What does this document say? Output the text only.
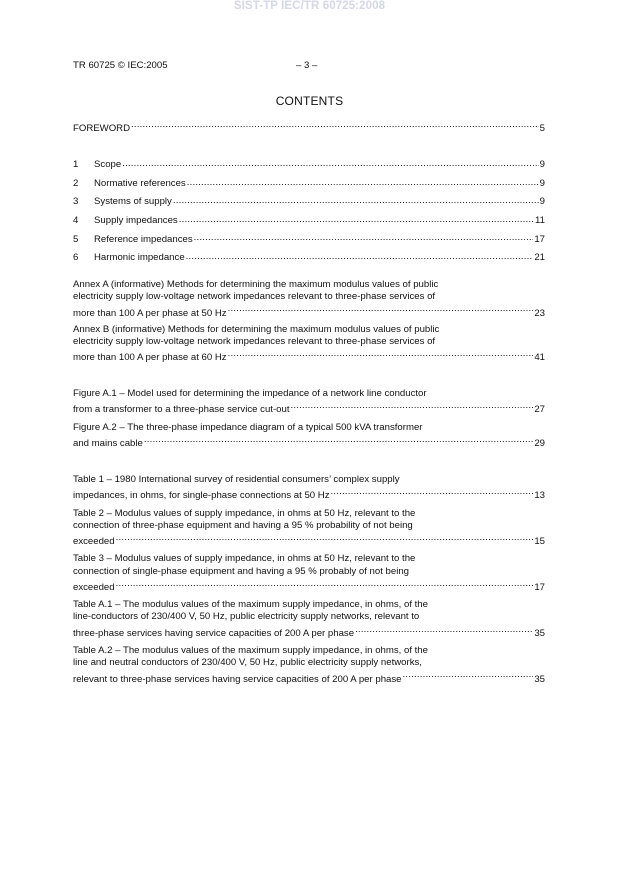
SIST-TP IEC/TR 60725:2008
TR 60725 © IEC:2005	– 3 –
CONTENTS
FOREWORD .....	5
1	Scope .....	9
2	Normative references .....	9
3	Systems of supply .....	9
4	Supply impedances .....	11
5	Reference impedances .....	17
6	Harmonic impedance .....	21
Annex A (informative) Methods for determining the maximum modulus values of public
electricity supply low-voltage network impedances relevant to three-phase services of
more than 100 A per phase at 50 Hz .....	23
Annex B (informative) Methods for determining the maximum modulus values of public
electricity supply low-voltage network impedances relevant to three-phase services of
more than 100 A per phase at 60 Hz .....	41
Figure A.1 – Model used for determining the impedance of a network line conductor
from a transformer to a three-phase service cut-out .....	27
Figure A.2 – The three-phase impedance diagram of a typical 500 kVA transformer
and mains cable .....	29
Table 1 – 1980 International survey of residential consumers’ complex supply
impedances, in ohms, for single-phase connections at 50 Hz .....	13
Table 2 – Modulus values of supply impedance, in ohms at 50 Hz, relevant to the
connection of three-phase equipment and having a 95 % probability of not being
exceeded .....	15
Table 3 – Modulus values of supply impedance, in ohms at 50 Hz, relevant to the
connection of single-phase equipment and having a 95 % probably of not being
exceeded .....	17
Table A.1 – The modulus values of the maximum supply impedance, in ohms, of the
line-conductors of 230/400 V, 50 Hz, public electricity supply networks, relevant to
three-phase services having service capacities of 200 A per phase .....	35
Table A.2 – The modulus values of the maximum supply impedance, in ohms, of the
line and neutral conductors of 230/400 V, 50 Hz, public electricity supply networks,
relevant to three-phase services having service capacities of 200 A per phase .....	35
